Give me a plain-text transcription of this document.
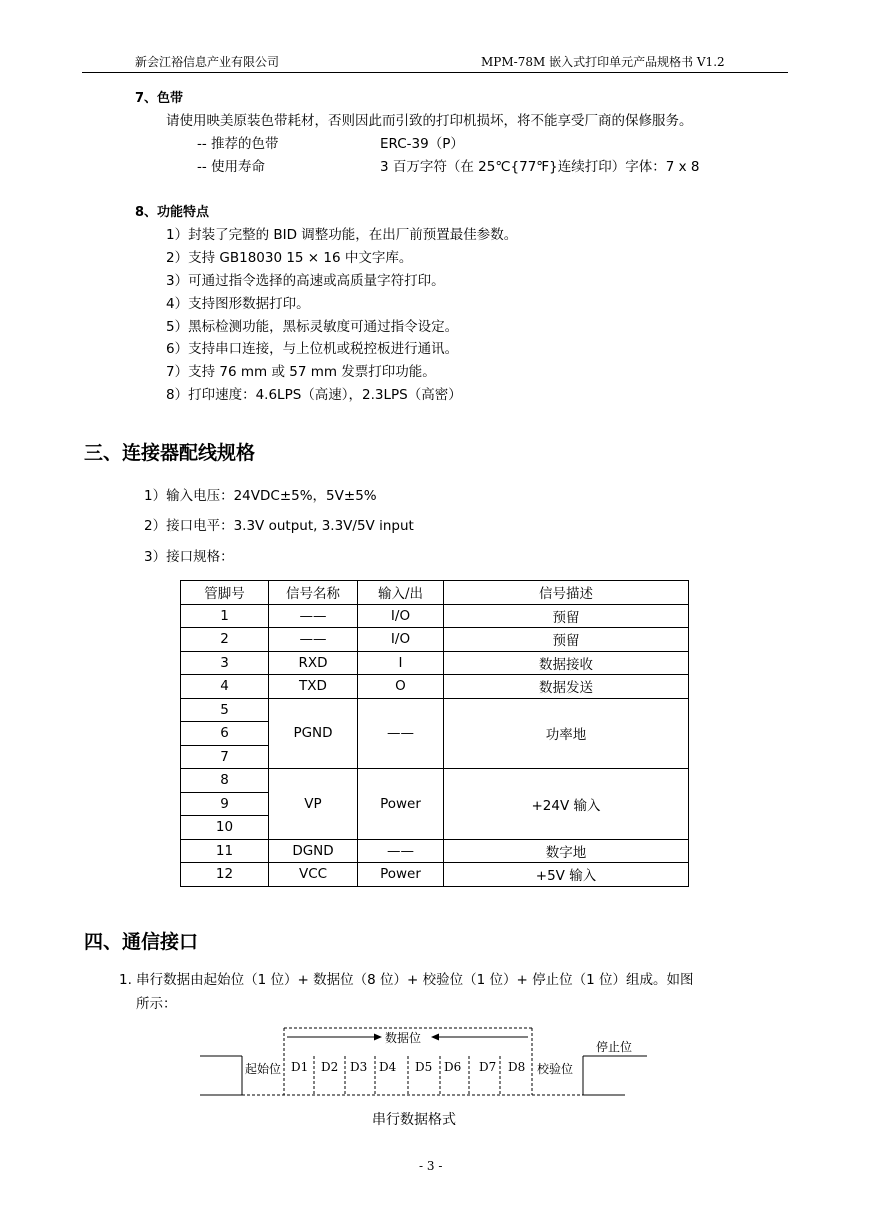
新会江裕信息产业有限公司	MPM-78M 嵌入式打印单元产品规格书 V1.2
7、色带
请使用映美原装色带耗材，否则因此而引致的打印机损坏，将不能享受厂商的保修服务。
-- 推荐的色带	ERC-39（P）
-- 使用寿命	3 百万字符（在 25℃{77℉}连续打印）字体：7 x 8
8、功能特点
1）封装了完整的 BID 调整功能，在出厂前预置最佳参数。
2）支持 GB18030 15 × 16 中文字库。
3）可通过指令选择的高速或高质量字符打印。
4）支持图形数据打印。
5）黑标检测功能，黑标灵敏度可通过指令设定。
6）支持串口连接，与上位机或税控板进行通讯。
7）支持 76 mm 或 57 mm 发票打印功能。
8）打印速度：4.6LPS（高速），2.3LPS（高密）
三、连接器配线规格
1）输入电压：24VDC±5%，5V±5%
2）接口电平：3.3V output, 3.3V/5V input
3）接口规格：
管脚号	信号名称	输入/出	信号描述
1	——	I/O	预留
2	——	I/O	预留
3	RXD	I	数据接收
4	TXD	O	数据发送
5	PGND	——	功率地
6			
7			
8	VP	Power	+24V 输入
9			
10			
11	DGND	——	数字地
12	VCC	Power	+5V 输入
四、通信接口
1. 串行数据由起始位（1 位）+ 数据位（8 位）+ 校验位（1 位）+ 停止位（1 位）组成。如图
所示：
数据位
停止位
起始位 D1 D2 D3 D4 D5 D6 D7 D8 校验位
串行数据格式
- 3 -
